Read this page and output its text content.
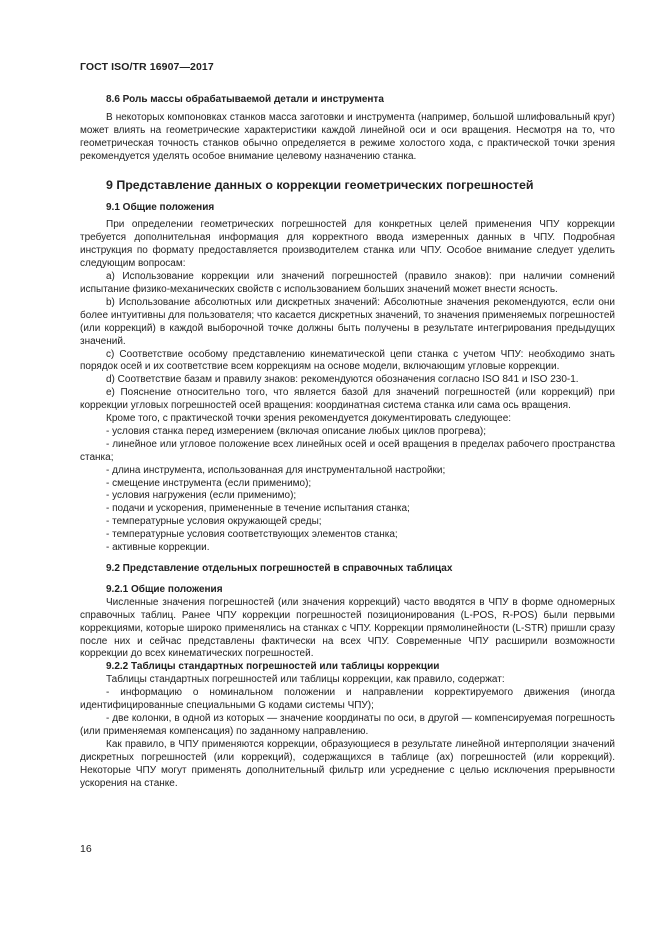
ГОСТ ISO/TR 16907—2017
8.6 Роль массы обрабатываемой детали и инструмента

В некоторых компоновках станков масса заготовки и инструмента (например, большой шлифовальный круг) может влиять на геометрические характеристики каждой линейной оси и оси вращения. Несмотря на то, что геометрическая точность станков обычно определяется в режиме холостого хода, с практической точки зрения рекомендуется уделять особое внимание целевому назначению станка.

9 Представление данных о коррекции геометрических погрешностей
9.1 Общие положения

При определении геометрических погрешностей для конкретных целей применения ЧПУ коррекции требуется дополнительная информация для корректного ввода измеренных данных в ЧПУ. Подробная инструкция по формату предоставляется производителем станка или ЧПУ. Особое внимание следует уделить следующим вопросам:

a) Использование коррекции или значений погрешностей (правило знаков): при наличии сомнений испытание физико-механических свойств с использованием больших значений может внести ясность.

b) Использование абсолютных или дискретных значений: Абсолютные значения рекомендуются, если они более интуитивны для пользователя; что касается дискретных значений, то значения применяемых погрешностей (или коррекций) в каждой выборочной точке должны быть получены в результате интегрирования предыдущих значений.

c) Соответствие особому представлению кинематической цепи станка с учетом ЧПУ: необходимо знать порядок осей и их соответствие всем коррекциям на основе модели, включающим угловые коррекции.

d) Соответствие базам и правилу знаков: рекомендуются обозначения согласно ISO 841 и ISO 230-1.

e) Пояснение относительно того, что является базой для значений погрешностей (или коррекций) при коррекции угловых погрешностей осей вращения: координатная система станка или сама ось вращения.

Кроме того, с практической точки зрения рекомендуется документировать следующее:

- условия станка перед измерением (включая описание любых циклов прогрева);

- линейное или угловое положение всех линейных осей и осей вращения в пределах рабочего пространства станка;

- длина инструмента, использованная для инструментальной настройки;

- смещение инструмента (если применимо);

- условия нагружения (если применимо);

- подачи и ускорения, примененные в течение испытания станка;

- температурные условия окружающей среды;

- температурные условия соответствующих элементов станка;

- активные коррекции.

9.2 Представление отдельных погрешностей в справочных таблицах
9.2.1 Общие положения

Численные значения погрешностей (или значения коррекций) часто вводятся в ЧПУ в форме одномерных справочных таблиц. Ранее ЧПУ коррекции погрешностей позиционирования (L-POS, R-POS) были первыми коррекциями, которые широко применялись на станках с ЧПУ. Коррекции прямолинейности (L-STR) пришли сразу после них и сейчас представлены фактически на всех ЧПУ. Современные ЧПУ расширили возможности коррекции до всех кинематических погрешностей.

9.2.2 Таблицы стандартных погрешностей или таблицы коррекции

Таблицы стандартных погрешностей или таблицы коррекции, как правило, содержат:

- информацию о номинальном положении и направлении корректируемого движения (иногда идентифицированные специальными G кодами системы ЧПУ);

- две колонки, в одной из которых — значение координаты по оси, в другой — компенсируемая погрешность (или применяемая компенсация) по заданному направлению.

Как правило, в ЧПУ применяются коррекции, образующиеся в результате линейной интерполяции значений дискретных погрешностей (или коррекций), содержащихся в таблице (ах) погрешностей (или коррекций). Некоторые ЧПУ могут применять дополнительный фильтр или усреднение с целью исключения прерывности ускорения на станке.

16
